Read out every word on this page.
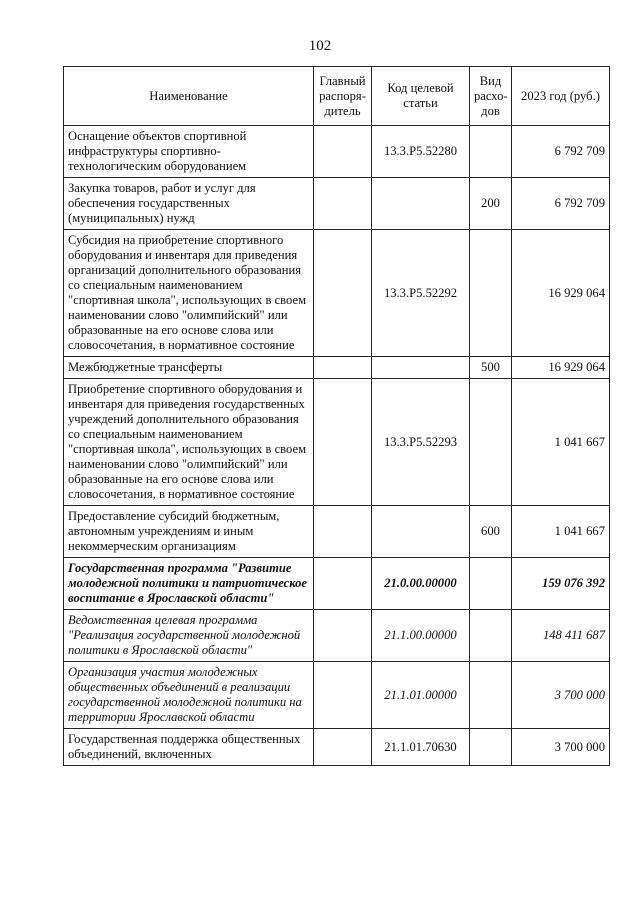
102
Наименование	Главный распоря-дитель	Код целевой статьи	Вид расхо-дов	2023 год (руб.)
Оснащение объектов спортивной инфраструктуры спортивно-технологическим оборудованием		13.3.Р5.52280		6 792 709
Закупка товаров, работ и услуг для обеспечения государственных (муниципальных) нужд			200	6 792 709
Субсидия на приобретение спортивного оборудования и инвентаря для приведения организаций дополнительного образования со специальным наименованием "спортивная школа", использующих в своем наименовании слово "олимпийский" или образованные на его основе слова или словосочетания, в нормативное состояние		13.3.Р5.52292		16 929 064
Межбюджетные трансферты			500	16 929 064
Приобретение спортивного оборудования и инвентаря для приведения государственных учреждений дополнительного образования со специальным наименованием "спортивная школа", использующих в своем наименовании слово "олимпийский" или образованные на его основе слова или словосочетания, в нормативное состояние		13.3.Р5.52293		1 041 667
Предоставление субсидий бюджетным, автономным учреждениям и иным некоммерческим организациям			600	1 041 667
Государственная программа "Развитие молодежной политики и патриотическое воспитание в Ярославской области"		21.0.00.00000		159 076 392
Ведомственная целевая программа "Реализация государственной молодежной политики в Ярославской области"		21.1.00.00000		148 411 687
Организация участия молодежных общественных объединений в реализации государственной молодежной политики на территории Ярославской области		21.1.01.00000		3 700 000
Государственная поддержка общественных объединений, включенных		21.1.01.70630		3 700 000
